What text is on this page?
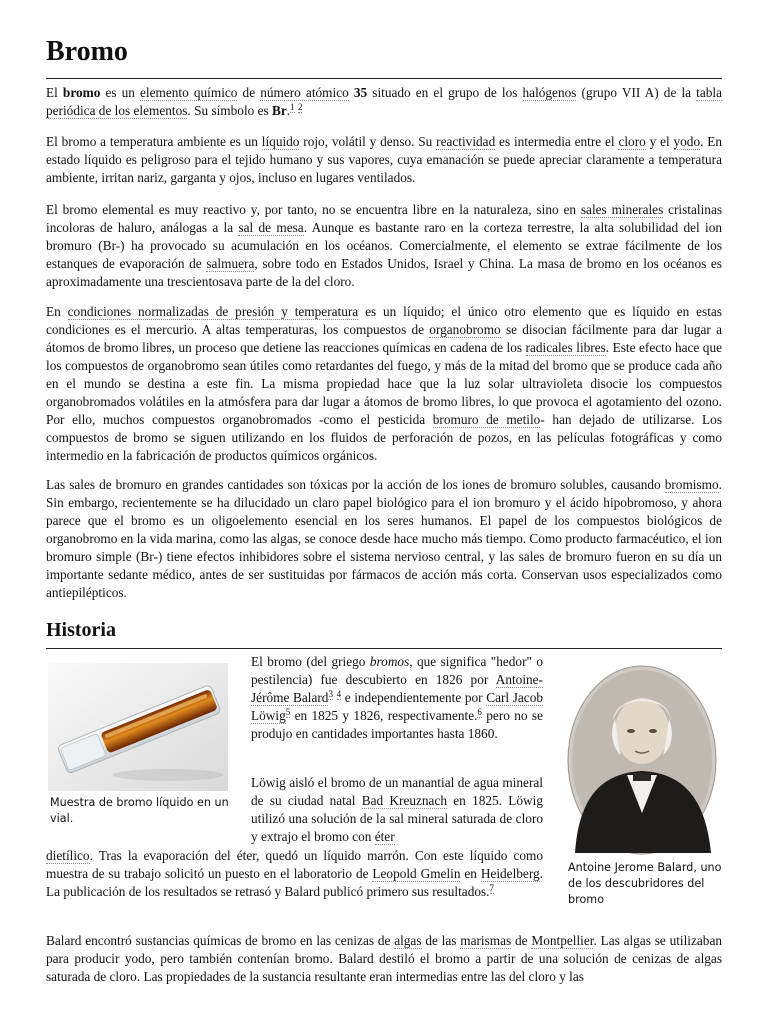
Bromo

El bromo es un elemento químico de número atómico 35 situado en el grupo de los halógenos (grupo VII A) de la tabla periódica de los elementos. Su símbolo es Br.$^1$ $^2$

El bromo a temperatura ambiente es un líquido rojo, volátil y denso. Su reactividad es intermedia entre el cloro y el yodo. En estado líquido es peligroso para el tejido humano y sus vapores, cuya emanación se puede apreciar claramente a temperatura ambiente, irritan nariz, garganta y ojos, incluso en lugares ventilados.

El bromo elemental es muy reactivo y, por tanto, no se encuentra libre en la naturaleza, sino en sales minerales cristalinas incoloras de haluro, análogas a la sal de mesa. Aunque es bastante raro en la corteza terrestre, la alta solubilidad del ion bromuro (Br-) ha provocado su acumulación en los océanos. Comercialmente, el elemento se extrae fácilmente de los estanques de evaporación de salmuera, sobre todo en Estados Unidos, Israel y China. La masa de bromo en los océanos es aproximadamente una trescientosava parte de la del cloro.

En condiciones normalizadas de presión y temperatura es un líquido; el único otro elemento que es líquido en estas condiciones es el mercurio. A altas temperaturas, los compuestos de organobromo se disocian fácilmente para dar lugar a átomos de bromo libres, un proceso que detiene las reacciones químicas en cadena de los radicales libres. Este efecto hace que los compuestos de organobromo sean útiles como retardantes del fuego, y más de la mitad del bromo que se produce cada año en el mundo se destina a este fin. La misma propiedad hace que la luz solar ultravioleta disocie los compuestos organobromados volátiles en la atmósfera para dar lugar a átomos de bromo libres, lo que provoca el agotamiento del ozono. Por ello, muchos compuestos organobromados -como el pesticida bromuro de metilo- han dejado de utilizarse. Los compuestos de bromo se siguen utilizando en los fluidos de perforación de pozos, en las películas fotográficas y como intermedio en la fabricación de productos químicos orgánicos.

Las sales de bromuro en grandes cantidades son tóxicas por la acción de los iones de bromuro solubles, causando bromismo. Sin embargo, recientemente se ha dilucidado un claro papel biológico para el ion bromuro y el ácido hipobromoso, y ahora parece que el bromo es un oligoelemento esencial en los seres humanos. El papel de los compuestos biológicos de organobromo en la vida marina, como las algas, se conoce desde hace mucho más tiempo. Como producto farmacéutico, el ion bromuro simple (Br-) tiene efectos inhibidores sobre el sistema nervioso central, y las sales de bromuro fueron en su día un importante sedante médico, antes de ser sustituidas por fármacos de acción más corta. Conservan usos especializados como antiepilépticos.

Historia

Muestra de bromo líquido en un vial.

Antoine Jerome Balard, uno de los descubridores del bromo

El bromo (del griego bromos, que significa "hedor" o pestilencia) fue descubierto en 1826 por Antoine-Jérôme Balard$^3$ $^4$ e independientemente por Carl Jacob Löwig$^5$ en 1825 y 1826, respectivamente.$^6$ pero no se produjo en cantidades importantes hasta 1860.

Löwig aisló el bromo de un manantial de agua mineral de su ciudad natal Bad Kreuznach en 1825. Löwig utilizó una solución de la sal mineral saturada de cloro y extrajo el bromo con éter

dietílico. Tras la evaporación del éter, quedó un líquido marrón. Con este líquido como muestra de su trabajo solicitó un puesto en el laboratorio de Leopold Gmelin en Heidelberg. La publicación de los resultados se retrasó y Balard publicó primero sus resultados.$^7$

Balard encontró sustancias químicas de bromo en las cenizas de algas de las marismas de Montpellier. Las algas se utilizaban para producir yodo, pero también contenían bromo. Balard destiló el bromo a partir de una solución de cenizas de algas saturada de cloro. Las propiedades de la sustancia resultante eran intermedias entre las del cloro y las
